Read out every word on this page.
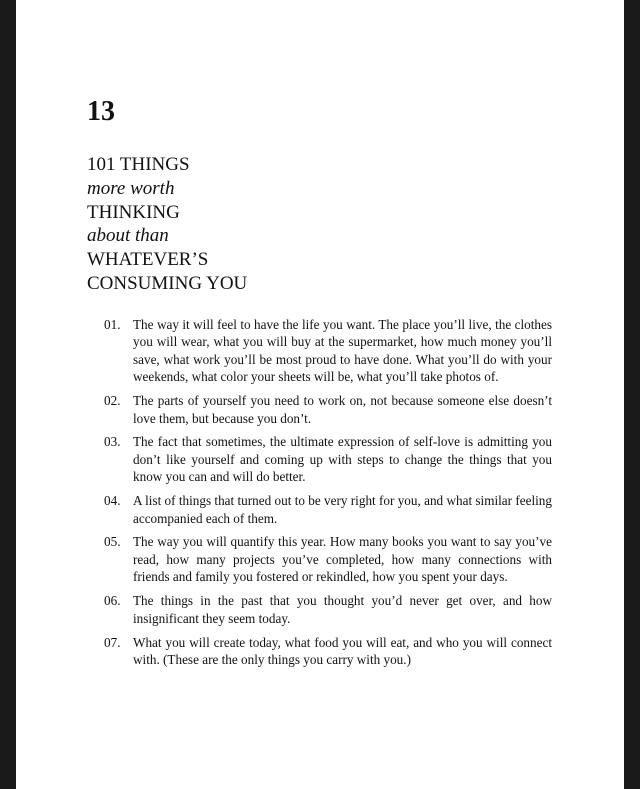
13
101 THINGS
more worth
THINKING
about than
WHATEVER’S
CONSUMING YOU
01. The way it will feel to have the life you want. The place you’ll live, the clothes you will wear, what you will buy at the supermarket, how much money you’ll save, what work you’ll be most proud to have done. What you’ll do with your weekends, what color your sheets will be, what you’ll take photos of.
02. The parts of yourself you need to work on, not because someone else doesn’t love them, but because you don’t.
03. The fact that sometimes, the ultimate expression of self-love is admitting you don’t like yourself and coming up with steps to change the things that you know you can and will do better.
04. A list of things that turned out to be very right for you, and what similar feeling accompanied each of them.
05. The way you will quantify this year. How many books you want to say you’ve read, how many projects you’ve completed, how many connections with friends and family you fostered or rekindled, how you spent your days.
06. The things in the past that you thought you’d never get over, and how insignificant they seem today.
07. What you will create today, what food you will eat, and who you will connect with. (These are the only things you carry with you.)
